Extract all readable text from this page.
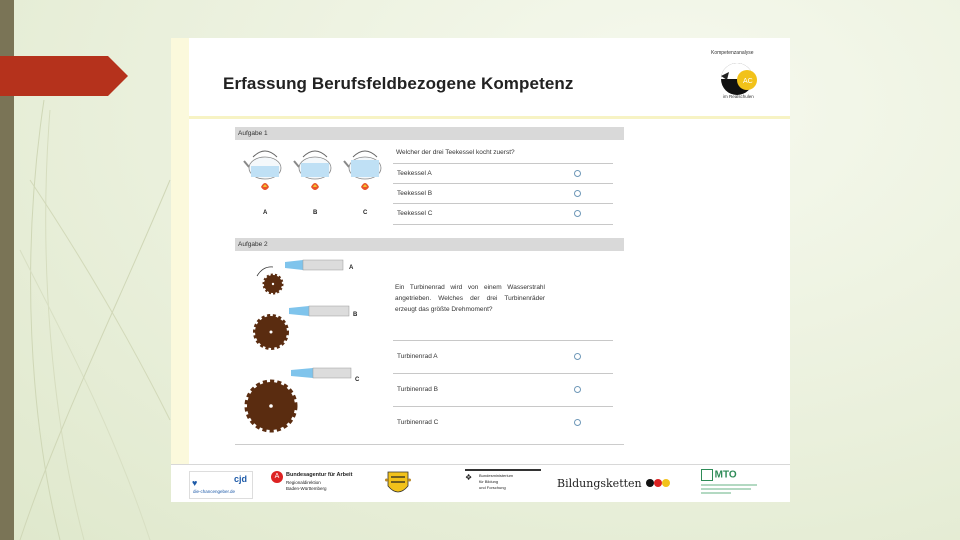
Erfassung Berufsfeldbezogene Kompetenz	AC
Kompetenzanalyse
im Realschulen
Aufgabe 1
A	B	C
Welcher der drei Teekessel kocht zuerst?
Teekessel A
Teekessel B
Teekessel C
Aufgabe 2
A
B
C
Ein Turbinenrad wird von einem Wasserstrahl angetrieben. Welches der drei Turbinenräder erzeugt das größte Drehmoment?
Turbinenrad A
Turbinenrad B
Turbinenrad C
♥	cjd
die-chancengeber.de
A	Bundesagentur für Arbeit
Regionaldirektion
Baden-Württemberg
❖ Bundesministerium
für Bildung
und Forschung	Bildungsketten
MTO
